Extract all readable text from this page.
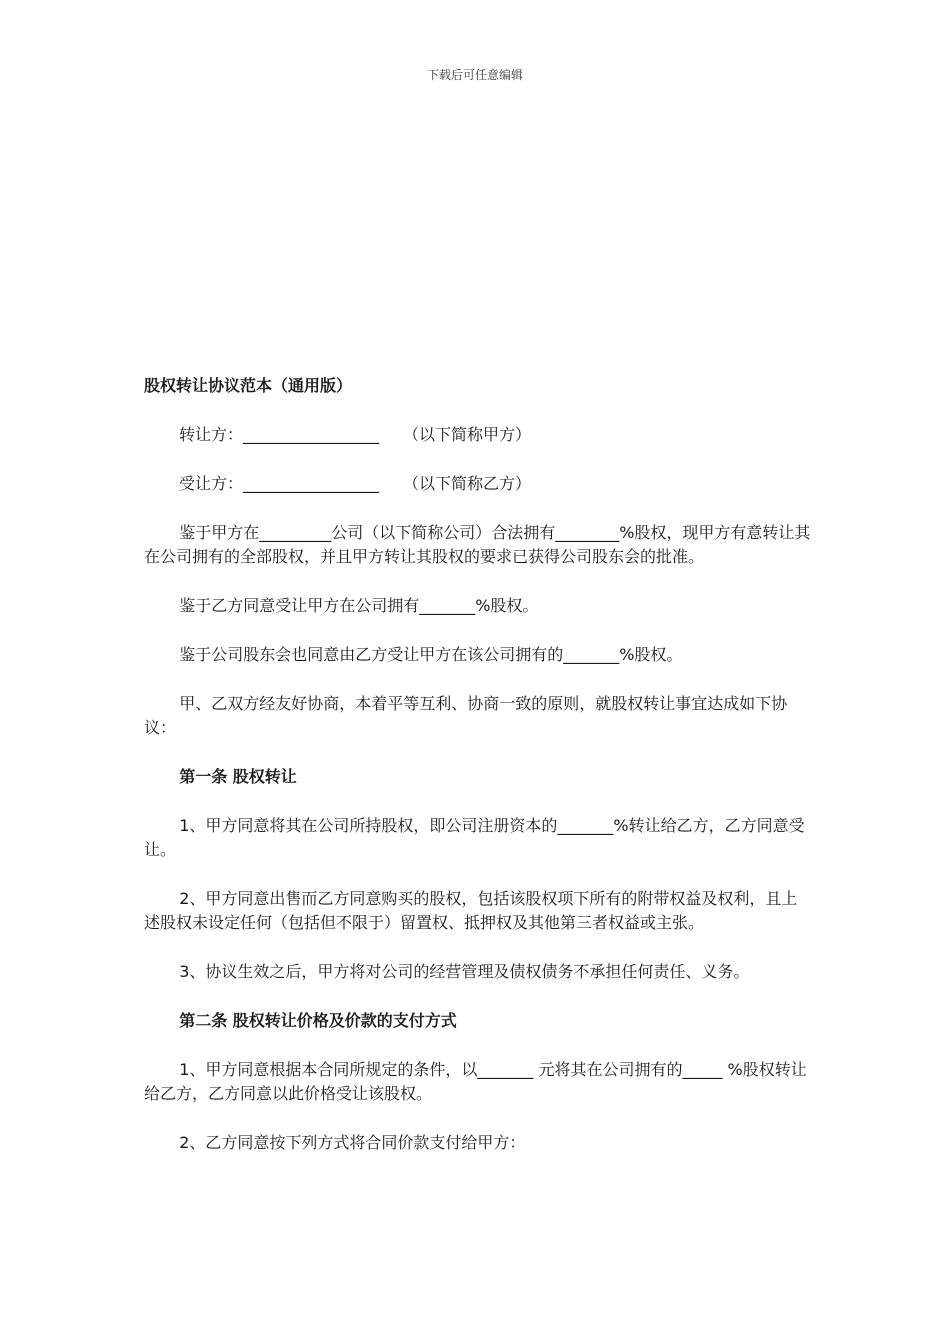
下载后可任意编辑
股权转让协议范本（通用版）
转让方：_________________　　（以下简称甲方）
受让方：_________________　　（以下简称乙方）

鉴于甲方在_________公司（以下简称公司）合法拥有________%股权，现甲方有意转让其在公司拥有的全部股权，并且甲方转让其股权的要求已获得公司股东会的批准。

鉴于乙方同意受让甲方在公司拥有_______%股权。

鉴于公司股东会也同意由乙方受让甲方在该公司拥有的_______%股权。

甲、乙双方经友好协商，本着平等互利、协商一致的原则，就股权转让事宜达成如下协议：

第一条 股权转让

1、甲方同意将其在公司所持股权，即公司注册资本的_______%转让给乙方，乙方同意受让。

2、甲方同意出售而乙方同意购买的股权，包括该股权项下所有的附带权益及权利，且上述股权未设定任何（包括但不限于）留置权、抵押权及其他第三者权益或主张。

3、协议生效之后，甲方将对公司的经营管理及债权债务不承担任何责任、义务。

第二条 股权转让价格及价款的支付方式

1、甲方同意根据本合同所规定的条件，以_______ 元将其在公司拥有的_____ %股权转让给乙方，乙方同意以此价格受让该股权。

2、乙方同意按下列方式将合同价款支付给甲方：
